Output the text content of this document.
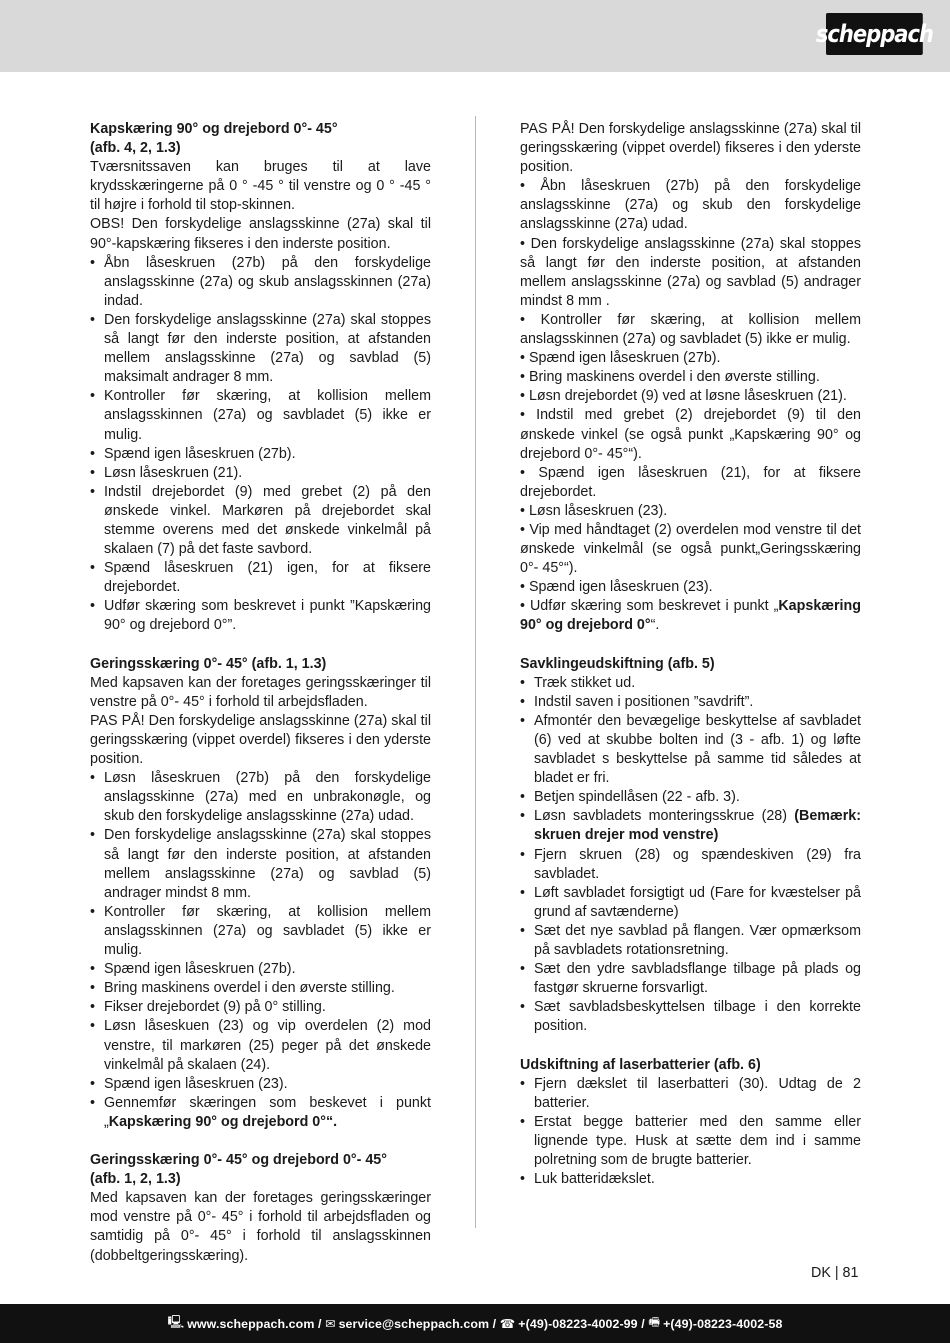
scheppach

Kapskæring 90° og drejebord 0°- 45°

(afb. 4, 2, 1.3)

Tværsnitssaven kan bruges til at lave krydsskæringerne på 0 ° -45 ° til venstre og 0 ° -45 ° til højre i forhold til stop-skinnen.

OBS! Den forskydelige anslagsskinne (27a) skal til 90°-kapskæring fikseres i den inderste position.

• Åbn låseskruen (27b) på den forskydelige anslagsskinne (27a) og skub anslagsskinnen (27a) indad.
• Den forskydelige anslagsskinne (27a) skal stoppes så langt før den inderste position, at afstanden mellem anslagsskinne (27a) og savblad (5) maksimalt andrager 8 mm.
• Kontroller før skæring, at kollision mellem anslagsskinnen (27a) og savbladet (5) ikke er mulig.
• Spænd igen låseskruen (27b).
• Løsn låseskruen (21).
• Indstil drejebordet (9) med grebet (2) på den ønskede vinkel. Markøren på drejebordet skal stemme overens med det ønskede vinkelmål på skalaen (7) på det faste savbord.
• Spænd låseskruen (21) igen, for at fiksere drejebordet.
• Udfør skæring som beskrevet i punkt ”Kapskæring 90° og drejebord 0°”.

Geringsskæring 0°- 45° (afb. 1, 1.3)

Med kapsaven kan der foretages geringsskæringer til venstre på 0°- 45° i forhold til arbejdsfladen.

PAS PÅ! Den forskydelige anslagsskinne (27a) skal til geringsskæring (vippet overdel) fikseres i den yderste position.

• Løsn låseskruen (27b) på den forskydelige anslagsskinne (27a) med en unbrakonøgle, og skub den forskydelige anslagsskinne (27a) udad.
• Den forskydelige anslagsskinne (27a) skal stoppes så langt før den inderste position, at afstanden mellem anslagsskinne (27a) og savblad (5) andrager mindst 8 mm.
• Kontroller før skæring, at kollision mellem anslagsskinnen (27a) og savbladet (5) ikke er mulig.
• Spænd igen låseskruen (27b).
• Bring maskinens overdel i den øverste stilling.
• Fikser drejebordet (9) på 0° stilling.
• Løsn låseskuen (23) og vip overdelen (2) mod venstre, til markøren (25) peger på det ønskede vinkelmål på skalaen (24).
• Spænd igen låseskruen (23).
• Gennemfør skæringen som beskevet i punkt „Kapskæring 90° og drejebord 0°“.

Geringsskæring 0°- 45° og drejebord 0°- 45°

(afb. 1, 2, 1.3)

Med kapsaven kan der foretages geringsskæringer mod venstre på 0°- 45° i forhold til arbejdsfladen og samtidig på 0°- 45° i forhold til anslagsskinnen (dobbeltgeringsskæring).

PAS PÅ! Den forskydelige anslagsskinne (27a) skal til geringsskæring (vippet overdel) fikseres i den yderste position.

• Åbn låseskruen (27b) på den forskydelige anslagsskinne (27a) og skub den forskydelige anslagsskinne (27a) udad.

• Den forskydelige anslagsskinne (27a) skal stoppes så langt før den inderste position, at afstanden mellem anslagsskinne (27a) og savblad (5) andrager mindst 8 mm .

• Kontroller før skæring, at kollision mellem anslagsskinnen (27a) og savbladet (5) ikke er mulig.

• Spænd igen låseskruen (27b).

• Bring maskinens overdel i den øverste stilling.

• Løsn drejebordet (9) ved at løsne låseskruen (21).

• Indstil med grebet (2) drejebordet (9) til den ønskede vinkel (se også punkt „Kapskæring 90° og drejebord 0°- 45°“).

• Spænd igen låseskruen (21), for at fiksere drejebordet.

• Løsn låseskruen (23).

• Vip med håndtaget (2) overdelen mod venstre til det ønskede vinkelmål (se også punkt„Geringsskæring 0°- 45°“).

• Spænd igen låseskruen (23).

• Udfør skæring som beskrevet i punkt „Kapskæring 90° og drejebord 0°“.

Savklingeudskiftning (afb. 5)

• Træk stikket ud.
• Indstil saven i positionen ”savdrift”.
• Afmontér den bevægelige beskyttelse af savbladet (6) ved at skubbe bolten ind (3 - afb. 1) og løfte savbladet s beskyttelse på samme tid således at bladet er fri.
• Betjen spindellåsen (22 - afb. 3).
• Løsn savbladets monteringsskrue (28) (Bemærk: skruen drejer mod venstre)
• Fjern skruen (28) og spændeskiven (29) fra savbladet.
• Løft savbladet forsigtigt ud (Fare for kvæstelser på grund af savtænderne)
• Sæt det nye savblad på flangen. Vær opmærksom på savbladets rotationsretning.
• Sæt den ydre savbladsflange tilbage på plads og fastgør skruerne forsvarligt.
• Sæt savbladsbeskyttelsen tilbage i den korrekte position.

Udskiftning af laserbatterier (afb. 6)

• Fjern dækslet til laserbatteri (30). Udtag de 2 batterier.
• Erstat begge batterier med den samme eller lignende type. Husk at sætte dem ind i samme polretning som de brugte batterier.
• Luk batteridækslet.
DK | 81
🖳 www.scheppach.com /
✉ service@scheppach.com /
☎ +(49)-08223-4002-99 /
🖷 +(49)-08223-4002-58
